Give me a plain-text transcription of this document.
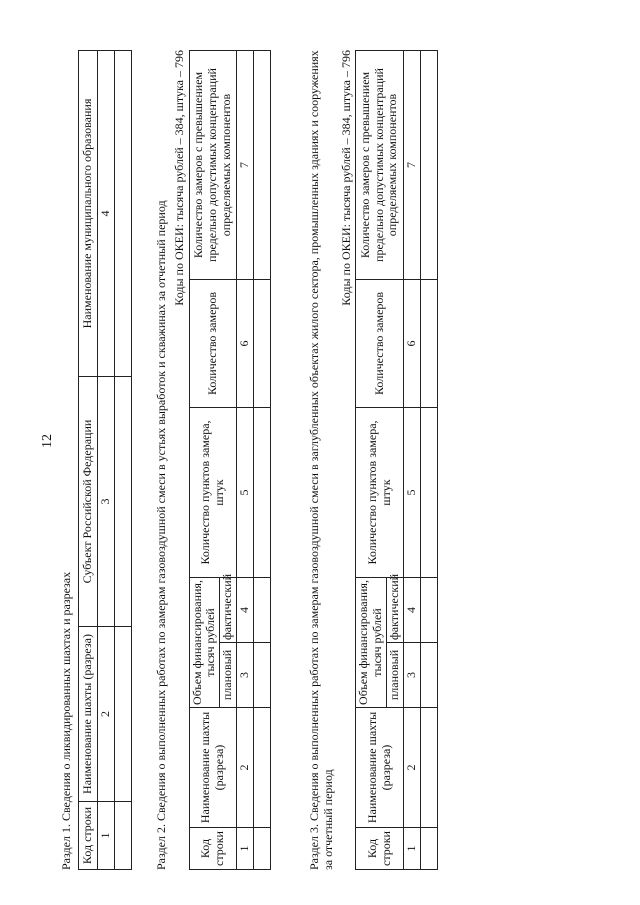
12

Раздел 1. Сведения о ликвидированных шахтах и разрезах Код строки	Наименование шахты (разреза)	Субъект Российской Федерации	Наименование муниципального образования
1	2	3	4
				Раздел 2. Сведения о выполненных работах по замерам газовоздушной смеси в устьях выработок и скважинах за отчетный период

Коды по ОКЕИ: тысяча рублей – 384, штука – 796

Код строки	Наименование шахты (разреза)	Объем финансирования, тысяч рублей		Количество пунктов замера, штук	Количество замеров	Количество замеров с превышением предельно допустимых концентраций определяемых компонентов
		плановый	фактический			
1	2	3	4	5	6	7
							Раздел 3. Сведения о выполненных работах по замерам газовоздушной смеси в заглубленных объектах жилого сектора, промышленных зданиях и сооружениях за отчетный период

Коды по ОКЕИ: тысяча рублей – 384, штука – 796

Код строки	Наименование шахты (разреза)	Объем финансирования, тысяч рублей		Количество пунктов замера, штук	Количество замеров	Количество замеров с превышением предельно допустимых концентраций определяемых компонентов
		плановый	фактический			
1	2	3	4	5	6	7
